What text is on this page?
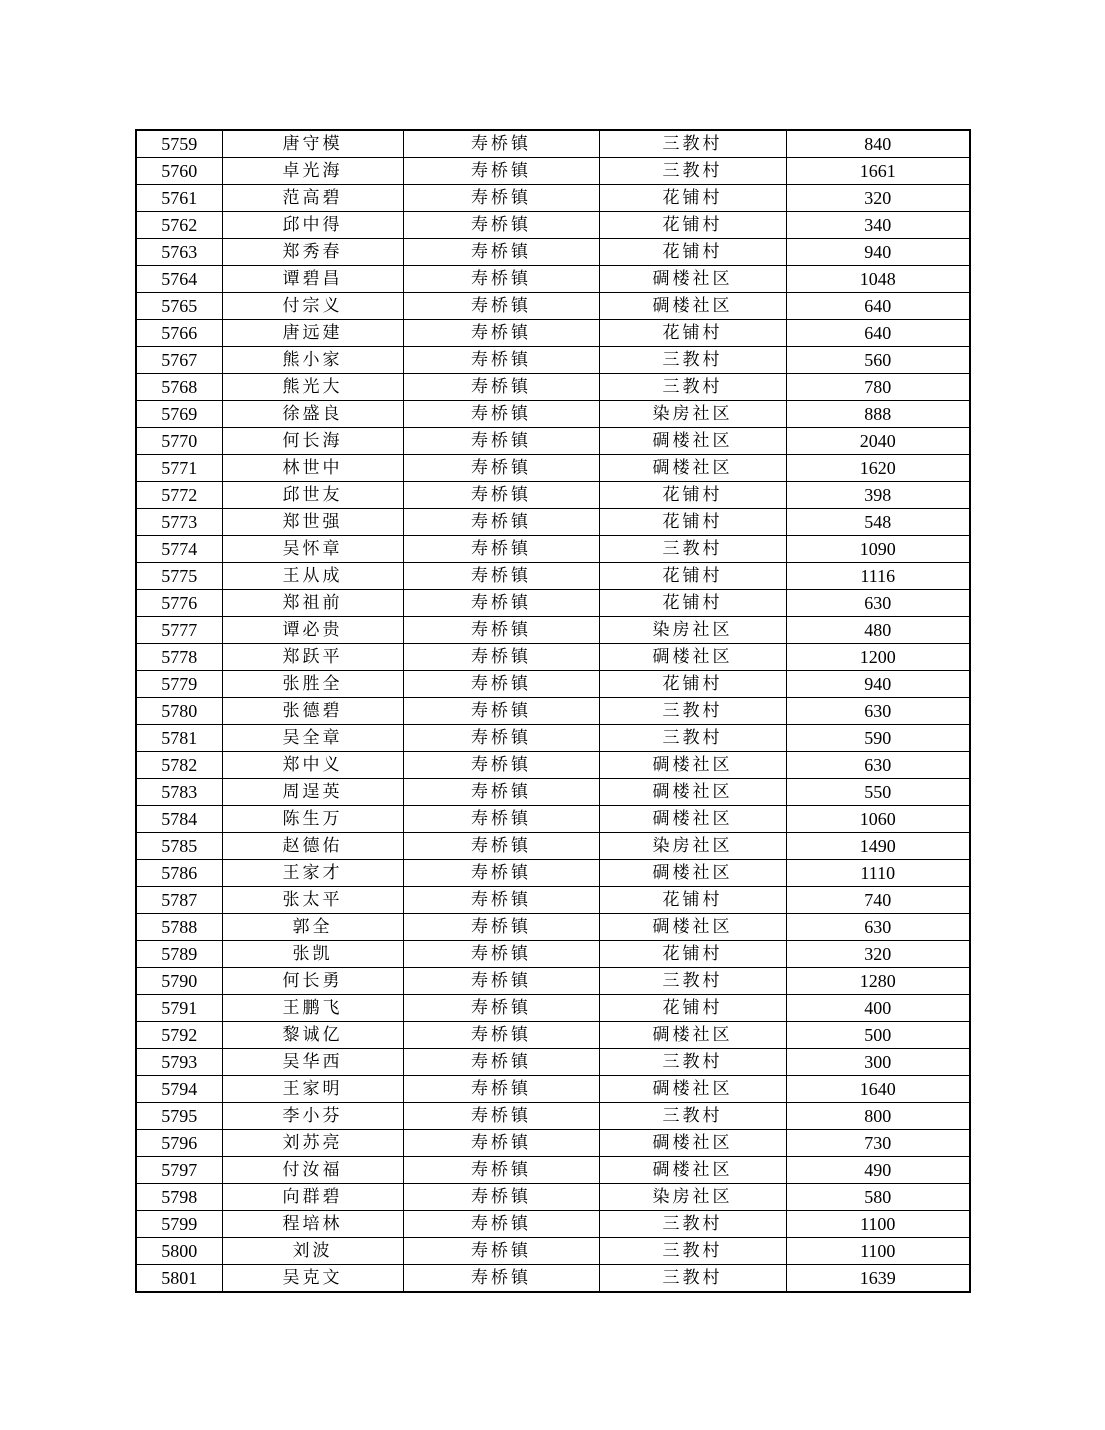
5759	唐守模	寿桥镇	三教村	840
5760	卓光海	寿桥镇	三教村	1661
5761	范高碧	寿桥镇	花铺村	320
5762	邱中得	寿桥镇	花铺村	340
5763	郑秀春	寿桥镇	花铺村	940
5764	谭碧昌	寿桥镇	碉楼社区	1048
5765	付宗义	寿桥镇	碉楼社区	640
5766	唐远建	寿桥镇	花铺村	640
5767	熊小家	寿桥镇	三教村	560
5768	熊光大	寿桥镇	三教村	780
5769	徐盛良	寿桥镇	染房社区	888
5770	何长海	寿桥镇	碉楼社区	2040
5771	林世中	寿桥镇	碉楼社区	1620
5772	邱世友	寿桥镇	花铺村	398
5773	郑世强	寿桥镇	花铺村	548
5774	吴怀章	寿桥镇	三教村	1090
5775	王从成	寿桥镇	花铺村	1116
5776	郑祖前	寿桥镇	花铺村	630
5777	谭必贵	寿桥镇	染房社区	480
5778	郑跃平	寿桥镇	碉楼社区	1200
5779	张胜全	寿桥镇	花铺村	940
5780	张德碧	寿桥镇	三教村	630
5781	吴全章	寿桥镇	三教村	590
5782	郑中义	寿桥镇	碉楼社区	630
5783	周逞英	寿桥镇	碉楼社区	550
5784	陈生万	寿桥镇	碉楼社区	1060
5785	赵德佑	寿桥镇	染房社区	1490
5786	王家才	寿桥镇	碉楼社区	1110
5787	张太平	寿桥镇	花铺村	740
5788	郭全	寿桥镇	碉楼社区	630
5789	张凯	寿桥镇	花铺村	320
5790	何长勇	寿桥镇	三教村	1280
5791	王鹏飞	寿桥镇	花铺村	400
5792	黎诚亿	寿桥镇	碉楼社区	500
5793	吴华西	寿桥镇	三教村	300
5794	王家明	寿桥镇	碉楼社区	1640
5795	李小芬	寿桥镇	三教村	800
5796	刘苏亮	寿桥镇	碉楼社区	730
5797	付汝福	寿桥镇	碉楼社区	490
5798	向群碧	寿桥镇	染房社区	580
5799	程培林	寿桥镇	三教村	1100
5800	刘波	寿桥镇	三教村	1100
5801	吴克文	寿桥镇	三教村	1639
